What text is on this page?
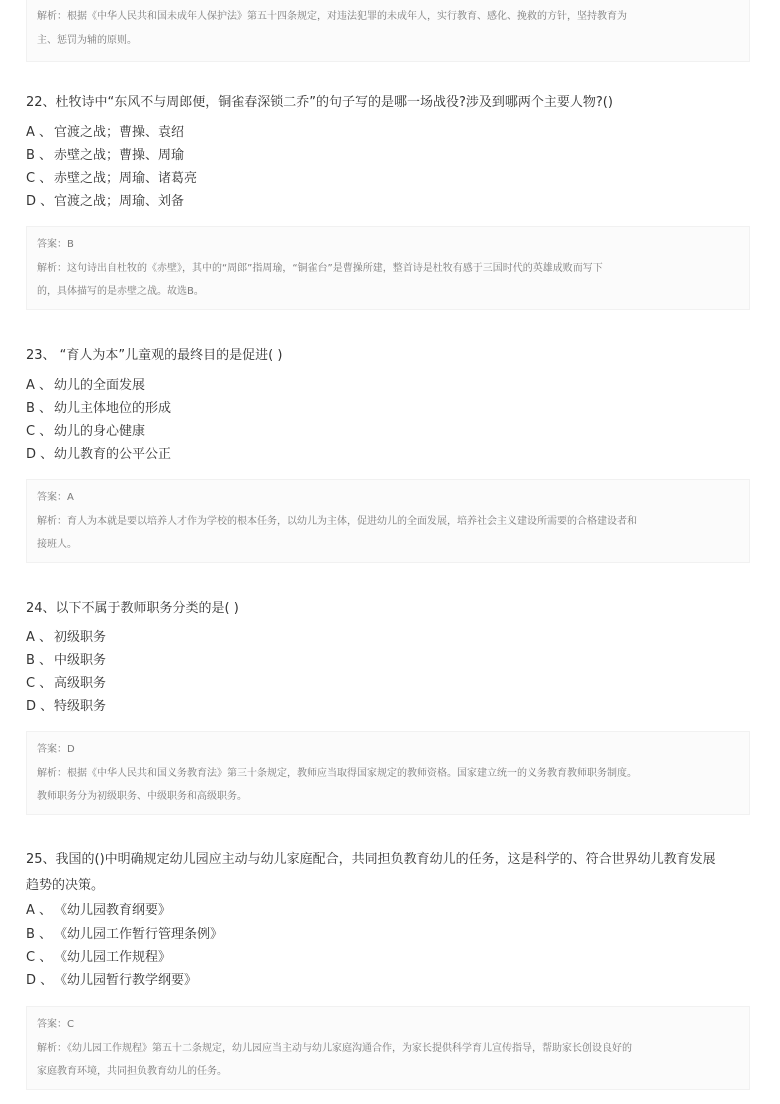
解析：根据《中华人民共和国未成年人保护法》第五十四条规定，对违法犯罪的未成年人，实行教育、感化、挽救的方针，坚持教育为
主、惩罚为辅的原则。
22、杜牧诗中“东风不与周郎便，铜雀春深锁二乔”的句子写的是哪一场战役?涉及到哪两个主要人物?()
A 、 官渡之战；曹操、袁绍
B 、 赤壁之战；曹操、周瑜
C 、 赤壁之战；周瑜、诸葛亮
D 、官渡之战；周瑜、刘备
答案：B
解析：这句诗出自杜牧的《赤壁》，其中的“周郎”指周瑜，“铜雀台”是曹操所建，整首诗是杜牧有感于三国时代的英雄成败而写下
的，具体描写的是赤壁之战。故选B。
23、 “育人为本”儿童观的最终目的是促进( )
A 、 幼儿的全面发展
B 、 幼儿主体地位的形成
C 、 幼儿的身心健康
D 、幼儿教育的公平公正
答案：A
解析：育人为本就是要以培养人才作为学校的根本任务，以幼儿为主体，促进幼儿的全面发展，培养社会主义建设所需要的合格建设者和
接班人。
24、以下不属于教师职务分类的是( )
A 、 初级职务
B 、 中级职务
C 、 高级职务
D 、特级职务
答案：D
解析：根据《中华人民共和国义务教育法》第三十条规定，教师应当取得国家规定的教师资格。国家建立统一的义务教育教师职务制度。
教师职务分为初级职务、中级职务和高级职务。
25、我国的()中明确规定幼儿园应主动与幼儿家庭配合，共同担负教育幼儿的任务，这是科学的、符合世界幼儿教育发展
趋势的决策。
A 、 《幼儿园教育纲要》
B 、 《幼儿园工作暂行管理条例》
C 、 《幼儿园工作规程》
D 、《幼儿园暂行教学纲要》
答案：C
解析：《幼儿园工作规程》第五十二条规定，幼儿园应当主动与幼儿家庭沟通合作，为家长提供科学育儿宣传指导，帮助家长创设良好的
家庭教育环境，共同担负教育幼儿的任务。
